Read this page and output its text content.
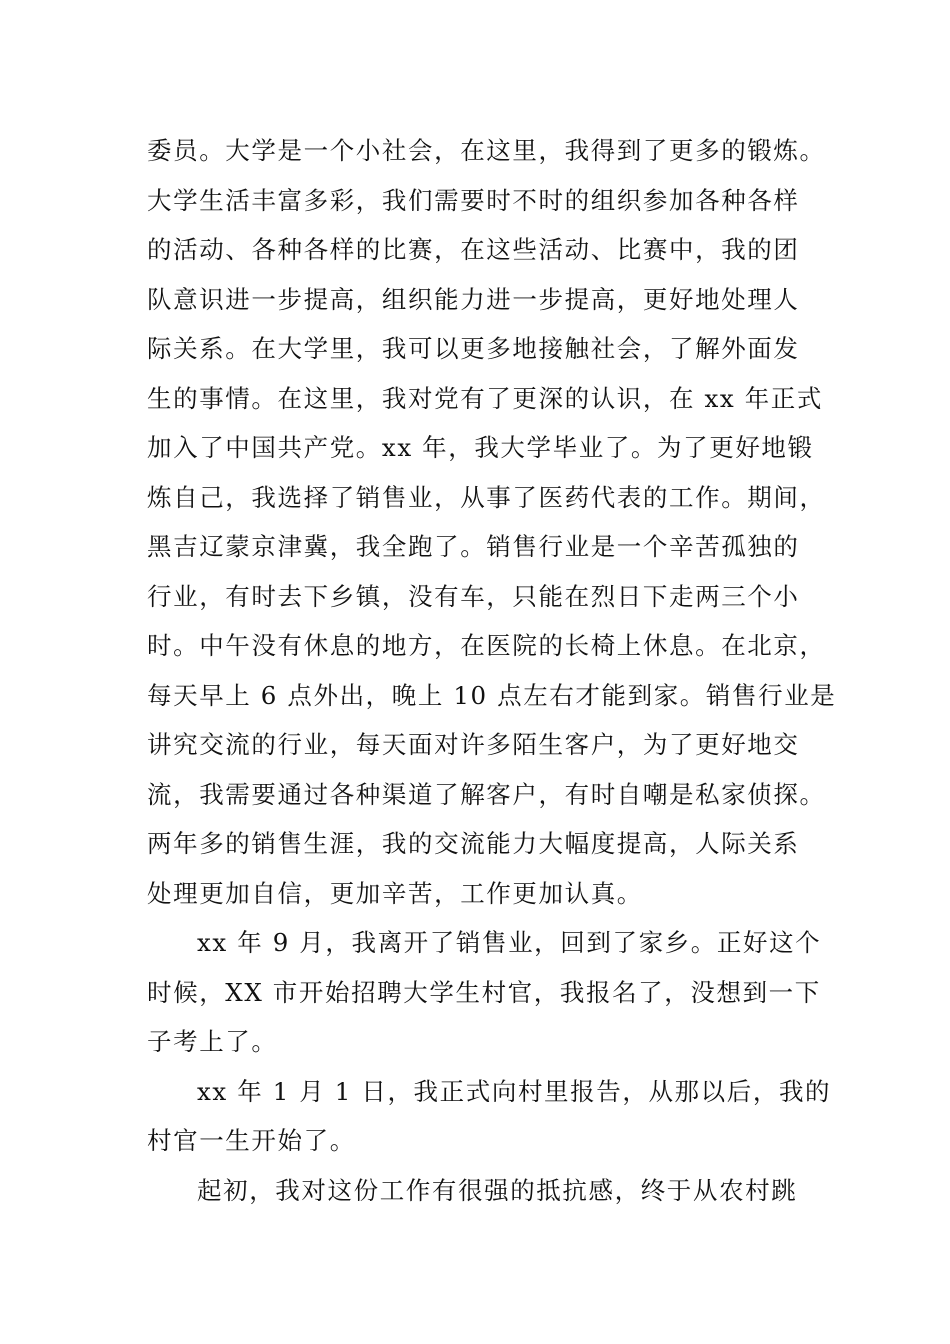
委员。大学是一个小社会，在这里，我得到了更多的锻炼。
大学生活丰富多彩，我们需要时不时的组织参加各种各样
的活动、各种各样的比赛，在这些活动、比赛中，我的团
队意识进一步提高，组织能力进一步提高，更好地处理人
际关系。在大学里，我可以更多地接触社会，了解外面发
生的事情。在这里，我对党有了更深的认识，在 xx 年正式
加入了中国共产党。xx 年，我大学毕业了。为了更好地锻
炼自己，我选择了销售业，从事了医药代表的工作。期间，
黑吉辽蒙京津冀，我全跑了。销售行业是一个辛苦孤独的
行业，有时去下乡镇，没有车，只能在烈日下走两三个小
时。中午没有休息的地方，在医院的长椅上休息。在北京，
每天早上 6 点外出，晚上 10 点左右才能到家。销售行业是
讲究交流的行业，每天面对许多陌生客户，为了更好地交
流，我需要通过各种渠道了解客户，有时自嘲是私家侦探。
两年多的销售生涯，我的交流能力大幅度提高，人际关系
处理更加自信，更加辛苦，工作更加认真。
xx 年 9 月，我离开了销售业，回到了家乡。正好这个
时候，XX 市开始招聘大学生村官，我报名了，没想到一下
子考上了。
xx 年 1 月 1 日，我正式向村里报告，从那以后，我的
村官一生开始了。
起初，我对这份工作有很强的抵抗感，终于从农村跳
